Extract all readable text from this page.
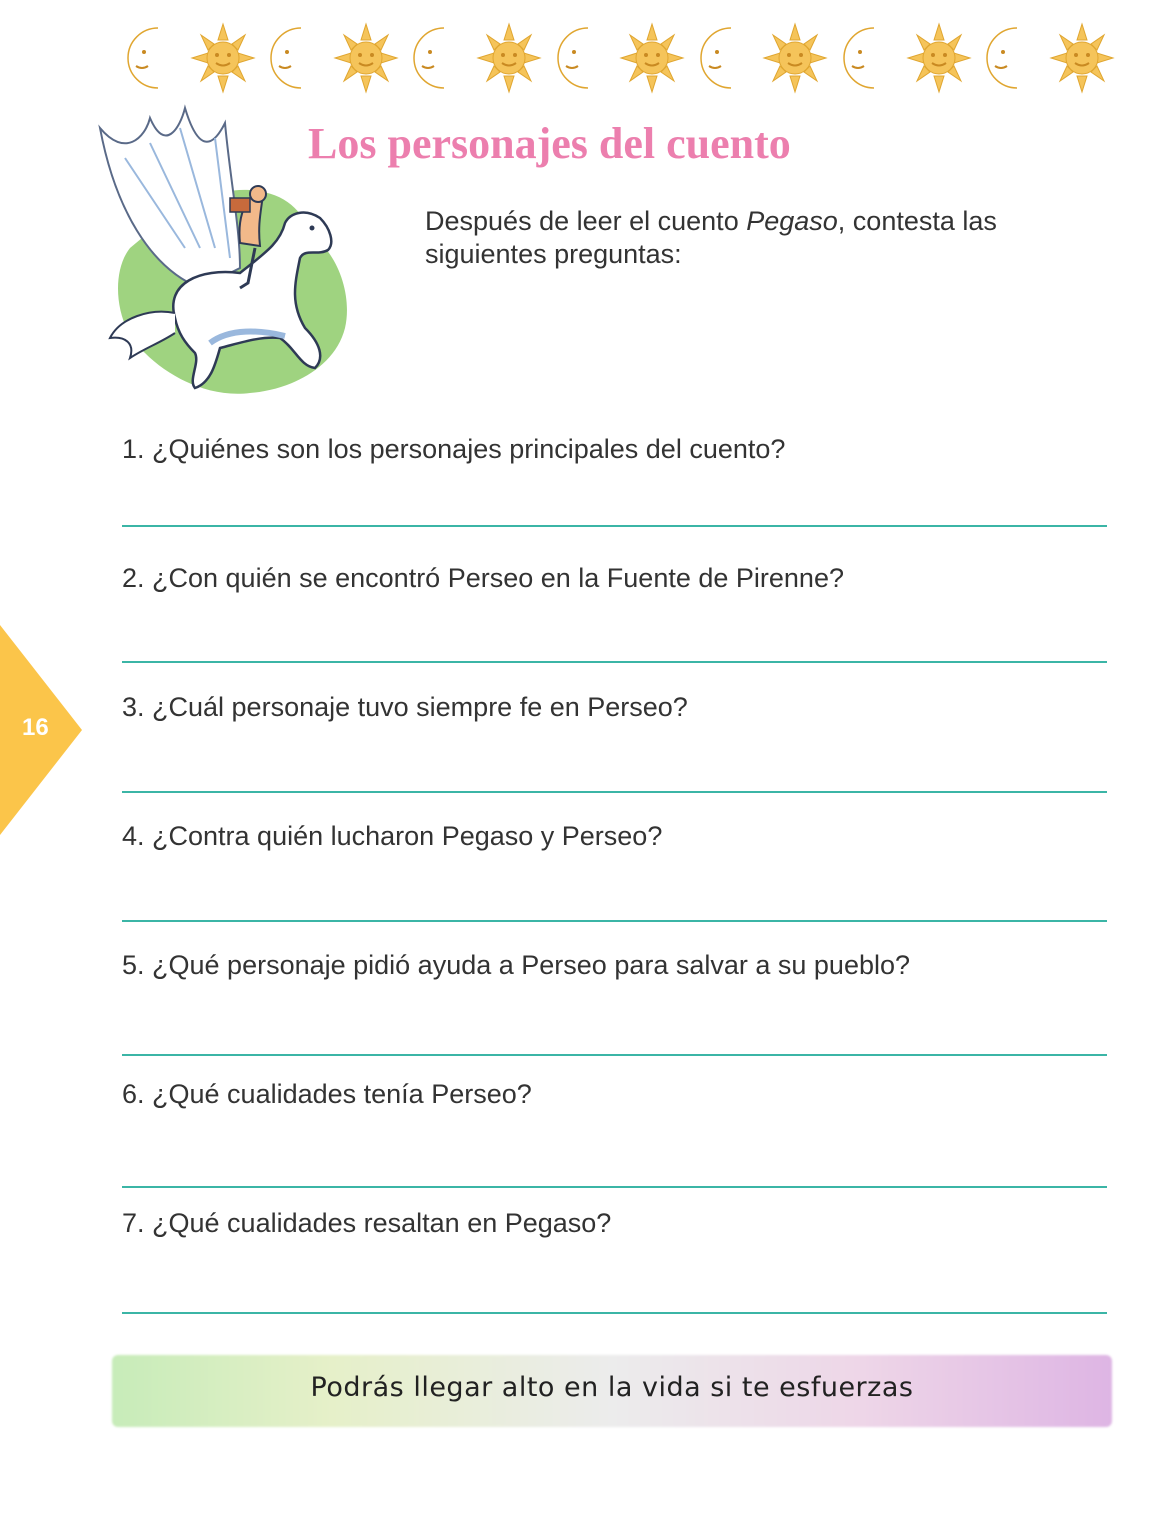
16
Los personajes del cuento
Después de leer el cuento Pegaso, contesta las siguientes preguntas:
1. ¿Quiénes son los personajes principales del cuento?
2. ¿Con quién se encontró Perseo en la Fuente de Pirenne?
3. ¿Cuál personaje tuvo siempre fe en Perseo?
4. ¿Contra quién lucharon Pegaso y Perseo?
5. ¿Qué personaje pidió ayuda a Perseo para salvar a su pueblo?
6. ¿Qué cualidades tenía Perseo?
7. ¿Qué cualidades resaltan en Pegaso?
Podrás llegar alto en la vida si te esfuerzas
